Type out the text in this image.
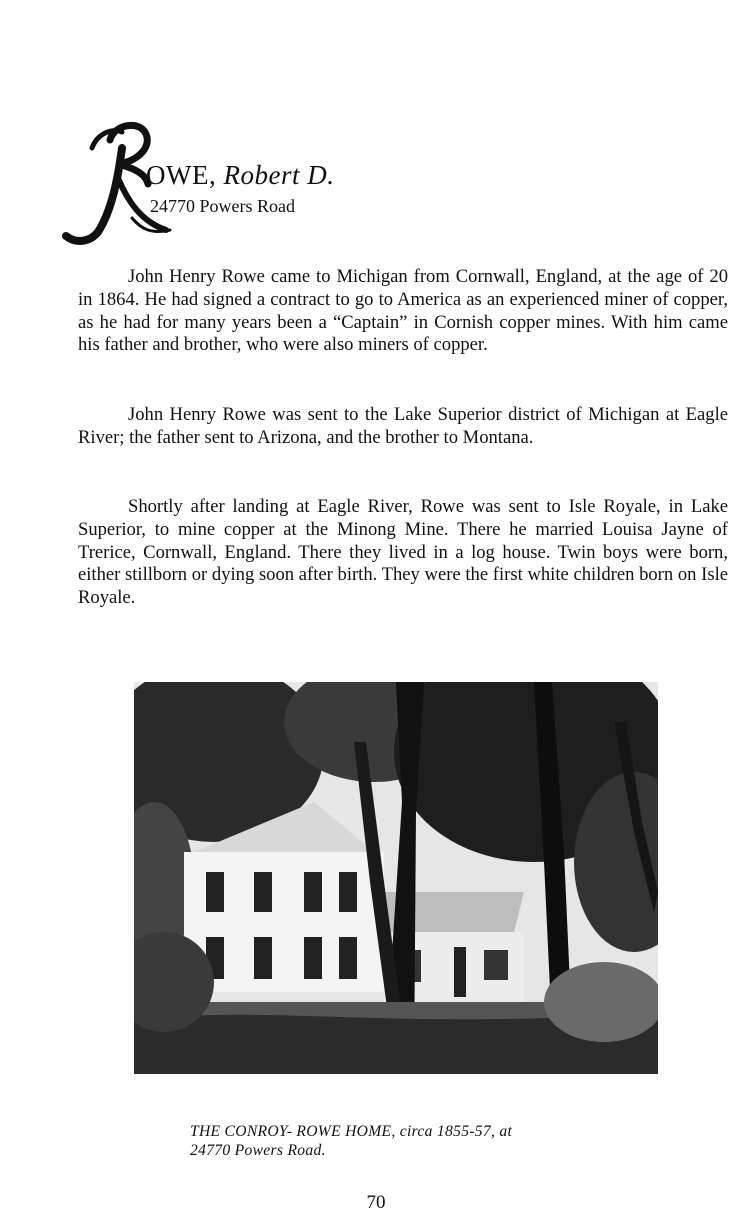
OWE, Robert D.
24770 Powers Road

John Henry Rowe came to Michigan from Cornwall, England, at the age of 20 in 1864. He had signed a contract to go to America as an experienced miner of copper, as he had for many years been a “Captain” in Cornish copper mines. With him came his father and brother, who were also miners of copper.

John Henry Rowe was sent to the Lake Superior district of Michigan at Eagle River; the father sent to Arizona, and the brother to Montana.

Shortly after landing at Eagle River, Rowe was sent to Isle Royale, in Lake Superior, to mine copper at the Minong Mine. There he married Louisa Jayne of Trerice, Cornwall, England. There they lived in a log house. Twin boys were born, either stillborn or dying soon after birth. They were the first white children born on Isle Royale.

THE CONROY- ROWE HOME, circa 1855-57, at
24770 Powers Road.
70
